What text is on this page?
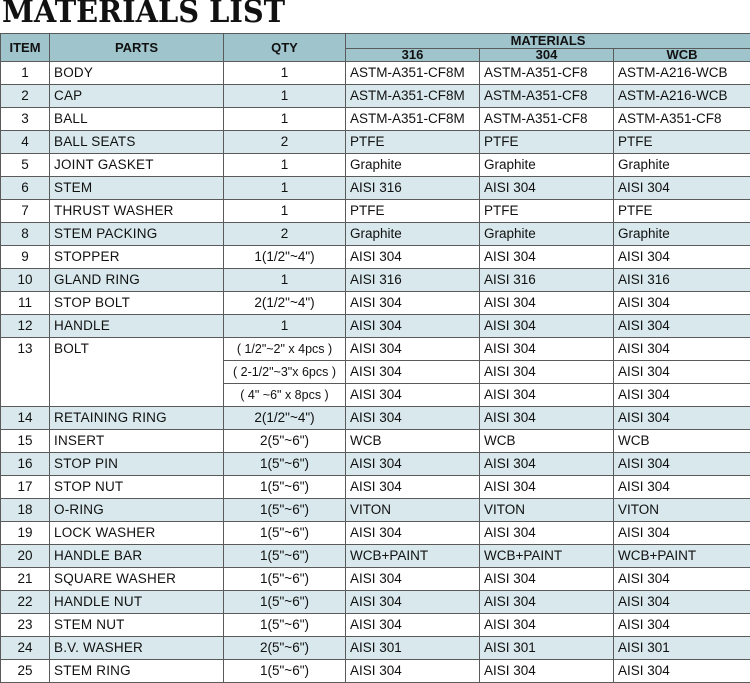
MATERIALS LIST
ITEM	PARTS	QTY	MATERIALS		
			316	304	WCB
1	BODY	1	ASTM-A351-CF8M	ASTM-A351-CF8	ASTM-A216-WCB
2	CAP	1	ASTM-A351-CF8M	ASTM-A351-CF8	ASTM-A216-WCB
3	BALL	1	ASTM-A351-CF8M	ASTM-A351-CF8	ASTM-A351-CF8
4	BALL SEATS	2	PTFE	PTFE	PTFE
5	JOINT GASKET	1	Graphite	Graphite	Graphite
6	STEM	1	AISI 316	AISI 304	AISI 304
7	THRUST WASHER	1	PTFE	PTFE	PTFE
8	STEM PACKING	2	Graphite	Graphite	Graphite
9	STOPPER	1(1/2"~4")	AISI 304	AISI 304	AISI 304
10	GLAND RING	1	AISI 316	AISI 316	AISI 316
11	STOP BOLT	2(1/2"~4")	AISI 304	AISI 304	AISI 304
12	HANDLE	1	AISI 304	AISI 304	AISI 304
13	BOLT	( 1/2"~2" x 4pcs )	AISI 304	AISI 304	AISI 304
		( 2-1/2"~3"x 6pcs )	AISI 304	AISI 304	AISI 304
		( 4" ~6" x 8pcs )	AISI 304	AISI 304	AISI 304
14	RETAINING RING	2(1/2"~4")	AISI 304	AISI 304	AISI 304
15	INSERT	2(5"~6")	WCB	WCB	WCB
16	STOP PIN	1(5"~6")	AISI 304	AISI 304	AISI 304
17	STOP NUT	1(5"~6")	AISI 304	AISI 304	AISI 304
18	O-RING	1(5"~6")	VITON	VITON	VITON
19	LOCK WASHER	1(5"~6")	AISI 304	AISI 304	AISI 304
20	HANDLE BAR	1(5"~6")	WCB+PAINT	WCB+PAINT	WCB+PAINT
21	SQUARE WASHER	1(5"~6")	AISI 304	AISI 304	AISI 304
22	HANDLE NUT	1(5"~6")	AISI 304	AISI 304	AISI 304
23	STEM NUT	1(5"~6")	AISI 304	AISI 304	AISI 304
24	B.V. WASHER	2(5"~6")	AISI 301	AISI 301	AISI 301
25	STEM RING	1(5"~6")	AISI 304	AISI 304	AISI 304
